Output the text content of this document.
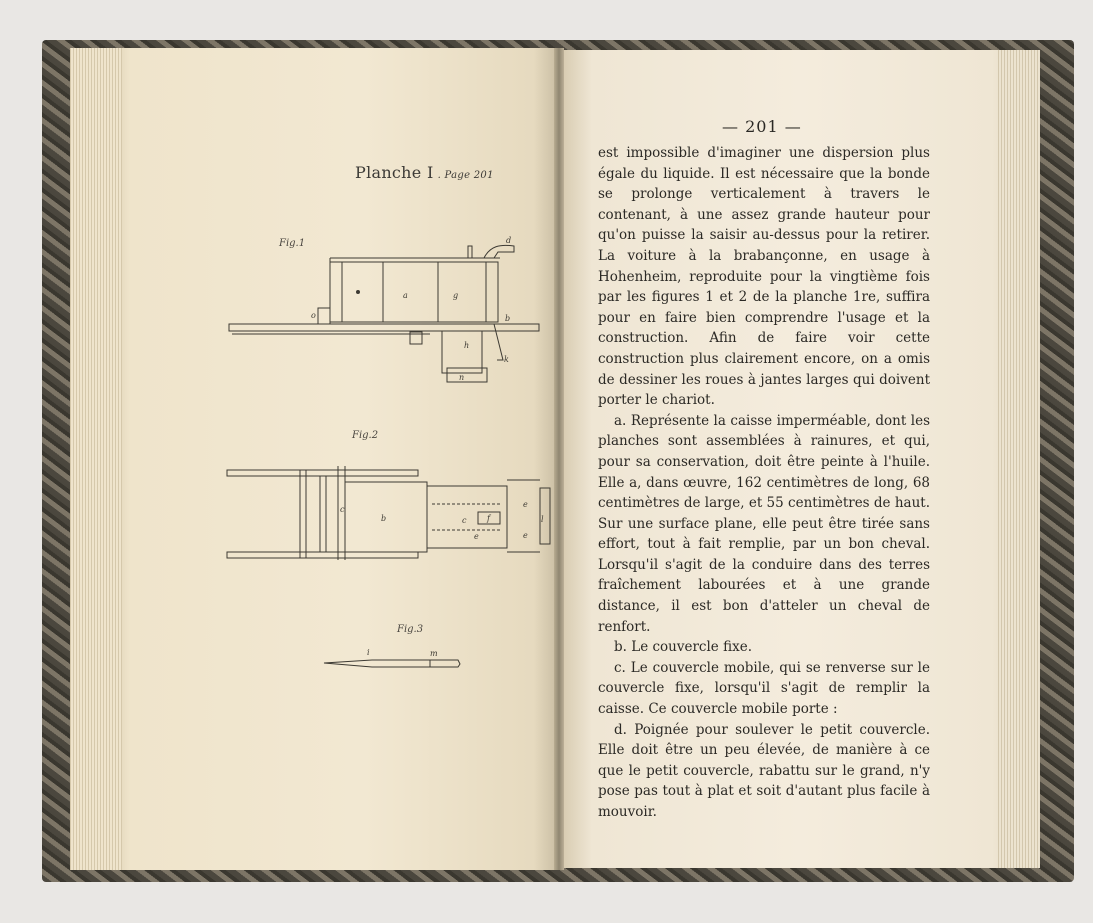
Planche I . Page 201
Fig.1
Fig.2
Fig.3
a	g
d
o	b
h
k
n
b
c
c	f
e
e
l
e
i	m
— 201 —

est impossible d'imaginer une dispersion plus égale du liquide. Il est nécessaire que la bonde se prolonge verticalement à travers le contenant, à une assez grande hauteur pour qu'on puisse la saisir au-dessus pour la retirer. La voiture à la brabançonne, en usage à Hohenheim, reproduite pour la vingtième fois par les figures 1 et 2 de la planche 1re, suffira pour en faire bien comprendre l'usage et la construction. Afin de faire voir cette construction plus clairement encore, on a omis de dessiner les roues à jantes larges qui doivent porter le chariot.

a. Représente la caisse imperméable, dont les planches sont assemblées à rainures, et qui, pour sa conservation, doit être peinte à l'huile. Elle a, dans œuvre, 162 centimètres de long, 68 centimètres de large, et 55 centimètres de haut. Sur une surface plane, elle peut être tirée sans effort, tout à fait remplie, par un bon cheval. Lorsqu'il s'agit de la conduire dans des terres fraîchement labourées et à une grande distance, il est bon d'atteler un cheval de renfort.

b. Le couvercle fixe.

c. Le couvercle mobile, qui se renverse sur le couvercle fixe, lorsqu'il s'agit de remplir la caisse. Ce couvercle mobile porte :

d. Poignée pour soulever le petit couvercle. Elle doit être un peu élevée, de manière à ce que le petit couvercle, rabattu sur le grand, n'y pose pas tout à plat et soit d'autant plus facile à mouvoir.
